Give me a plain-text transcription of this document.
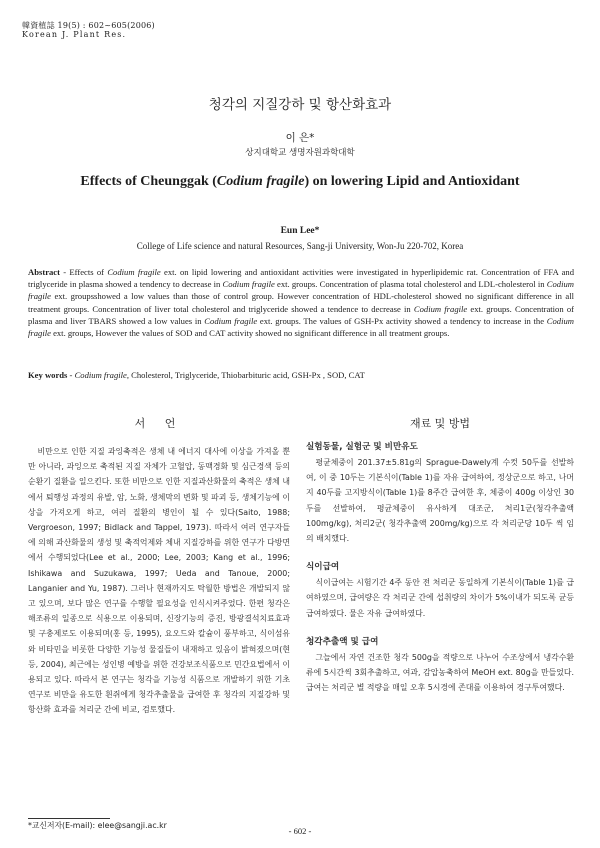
韓資植誌 19(5) : 602~605(2006)
Korean J. Plant Res.
청각의 지질강하 및 항산화효과
이 은*
상지대학교 생명자원과학대학
Effects of Cheunggak (Codium fragile) on lowering Lipid and Antioxidant
Eun Lee*
College of Life science and natural Resources, Sang-ji University, Won-Ju 220-702, Korea
Abstract - Effects of Codium fragile ext. on lipid lowering and antioxidant activities were investigated in hyperlipidemic rat. Concentration of FFA and triglyceride in plasma showed a tendency to decrease in Codium fragile ext. groups. Concentration of plasma total cholesterol and LDL-cholesterol in Codium fragile ext. groupsshowed a low values than those of control group. However concentration of HDL-cholesterol showed no significant difference in all treatment groups. Concentration of liver total cholesterol and triglyceride showed a tendence to decrease in Codium fragile ext. groups. Concentration of plasma and liver TBARS showed a low values in Codium fragile ext. groups. The values of GSH-Px activity showed a tendency to increase in the Codium fragile ext. groups, However the values of SOD and CAT activity showed no significant difference in all treatment groups.
Key words - Codium fragile, Cholesterol, Triglyceride, Thiobarbituric acid, GSH-Px , SOD, CAT
서 언	재료 및 방법

비만으로 인한 지질 과잉축적은 생체 내 에너지 대사에 이상을 가져올 뿐만 아니라, 과잉으로 축적된 지질 자체가 고혈압, 동맥경화 및 심근경색 등의 순환기 질환을 일으킨다. 또한 비만으로 인한 지질과산화물의 축적은 생체 내에서 퇴행성 과정의 유발, 암, 노화, 생체막의 변화 및 파괴 등, 생체기능에 이상을 가져오게 하고, 여러 질환의 병인이 될 수 있다(Saito, 1988; Vergroeson, 1997; Bidlack and Tappel, 1973). 따라서 여러 연구자들에 의해 과산화물의 생성 및 축적억제와 체내 지질강하를 위한 연구가 다방면에서 수행되었다(Lee et al., 2000; Lee, 2003; Kang et al., 1996; Ishikawa and Suzukawa, 1997; Ueda and Tanoue, 2000; Langanier and Yu, 1987). 그러나 현재까지도 탁월한 방법은 개발되지 않고 있으며, 보다 많은 연구를 수행할 필요성을 인식시켜주었다. 한편 청각은 해조류의 일종으로 식용으로 이용되며, 신장기능의 증진, 방광결석치료효과 및 구충제로도 이용되며(홍 등, 1995), 요오드와 칼슘이 풍부하고, 식이섬유와 비타민을 비롯한 다양한 기능성 물질들이 내재하고 있음이 밝혀졌으며(현 등, 2004), 최근에는 성인병 예방을 위한 건강보조식품으로 민간요법에서 이용되고 있다. 따라서 본 연구는 청각을 기능성 식품으로 개발하기 위한 기초연구로 비만을 유도한 흰쥐에게 청각추출물을 급여한 후 청각의 지질강하 및 항산화 효과를 처리군 간에 비교, 검토했다.

실험동물, 실험군 및 비만유도

평균체중이 201.37±5.81g의 Sprague-Dawely계 수컷 50두를 선발하여, 이 중 10두는 기본식이(Table 1)를 자유 급여하여, 정상군으로 하고, 나머지 40두를 고지방식이(Table 1)를 8주간 급여한 후, 체중이 400g 이상인 30두를 선발하여, 평균체중이 유사하게 대조군, 처리1군(청각추출액 100mg/kg), 처리2군( 청각추출액 200mg/kg)으로 각 처리군당 10두 씩 임의 배치했다.

식이급여

식이급여는 시험기간 4주 동안 전 처리군 동일하게 기본식이(Table 1)를 급여하였으며, 급여량은 각 처리군 간에 섭취량의 차이가 5%이내가 되도록 균등 급여하였다. 물은 자유 급여하였다.

청각추출액 및 급여

그늘에서 자연 건조한 청각 500g을 적량으로 나누어 수조상에서 냉각수환류에 5시간씩 3회추출하고, 여과, 감압농축하여 MeOH ext. 80g을 만들었다. 급여는 처리군 별 적량을 매일 오후 5시경에 존대를 이용하여 경구투여했다.

*교신저자(E-mail): elee@sangji.ac.kr
- 602 -
